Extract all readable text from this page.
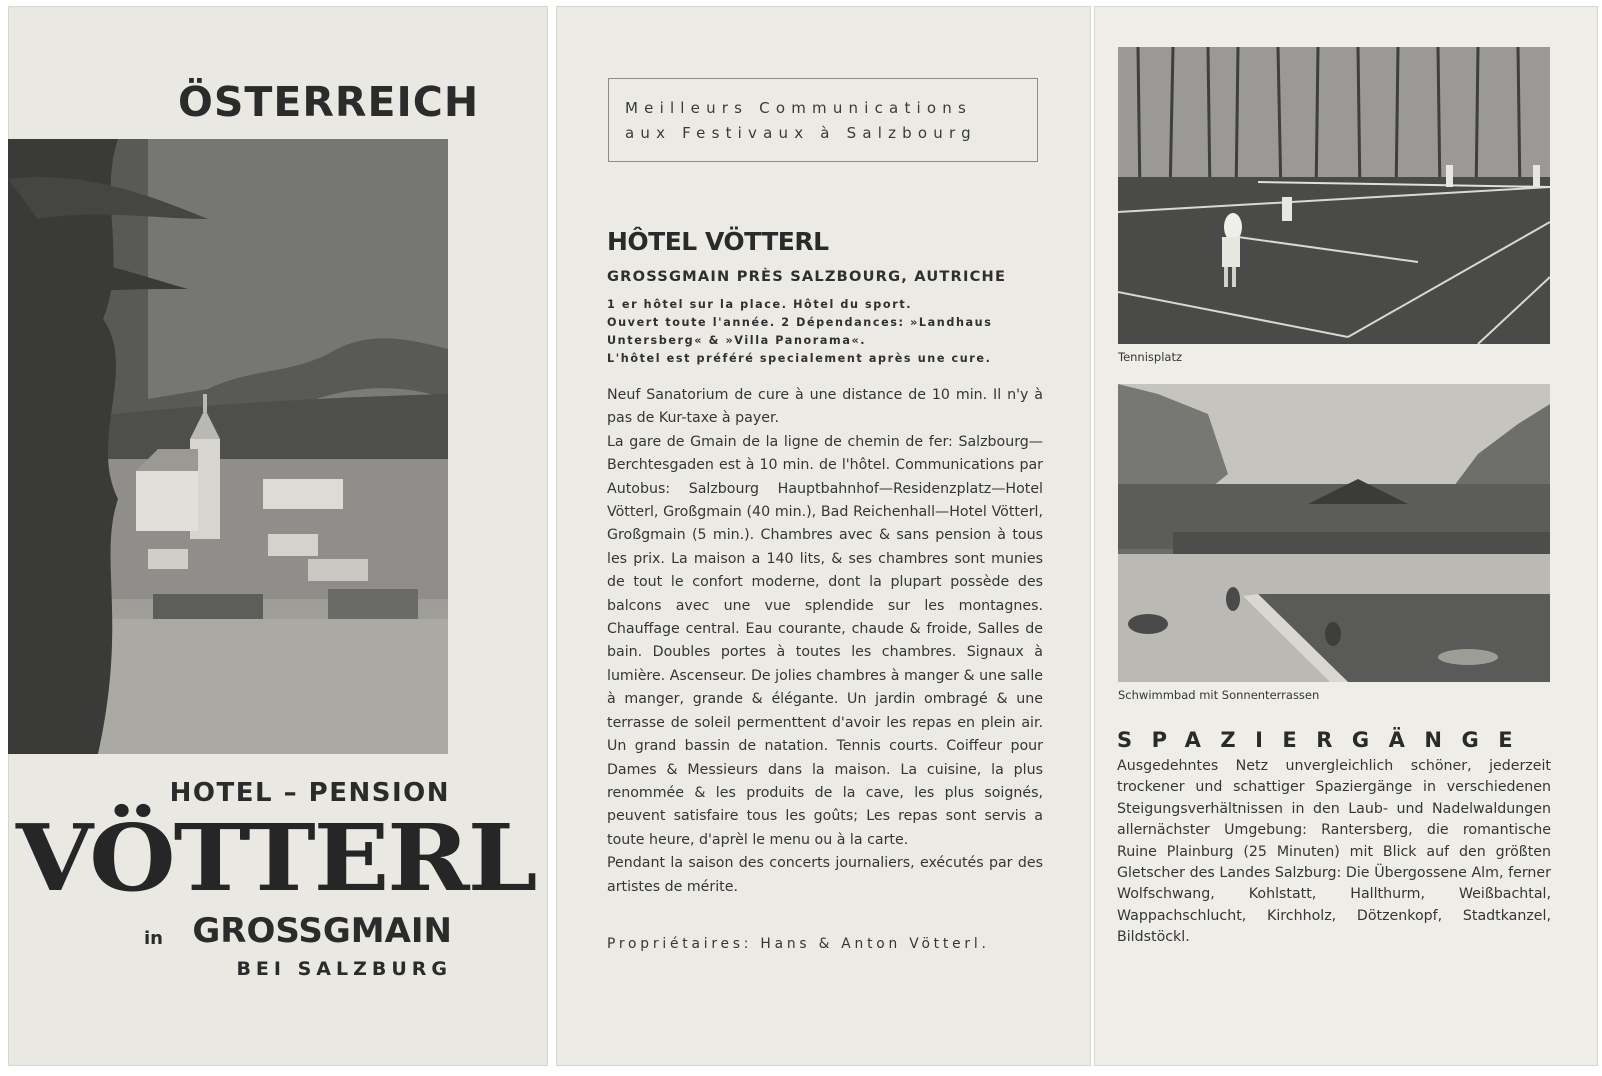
ÖSTERREICH
HOTEL – PENSION
VÖTTERL
in GROSSGMAIN
BEI SALZBURG
Meilleurs Communications
aux Festivaux à Salzbourg
HÔTEL VÖTTERL
GROSSGMAIN PRÈS SALZBOURG, AUTRICHE
1 er hôtel sur la place. Hôtel du sport.
Ouvert toute l'année. 2 Dépendances: »Landhaus
Untersberg« & »Villa Panorama«.
L'hôtel est préféré specialement après une cure.

Neuf Sanatorium de cure à une distance de 10 min. Il n'y à pas de Kur-taxe à payer.

La gare de Gmain de la ligne de chemin de fer: Salzbourg—Berchtesgaden est à 10 min. de l'hôtel. Communications par Autobus: Salzbourg Hauptbahnhof—Residenzplatz—Hotel Vötterl, Großgmain (40 min.), Bad Reichenhall—Hotel Vötterl, Großgmain (5 min.). Chambres avec & sans pension à tous les prix. La maison a 140 lits, & ses chambres sont munies de tout le confort moderne, dont la plupart possède des balcons avec une vue splendide sur les montagnes. Chauffage central. Eau courante, chaude & froide, Salles de bain. Doubles portes à toutes les chambres. Signaux à lumière. Ascenseur. De jolies chambres à manger & une salle à manger, grande & élégante. Un jardin ombragé & une terrasse de soleil permenttent d'avoir les repas en plein air. Un grand bassin de natation. Tennis courts. Coiffeur pour Dames & Messieurs dans la maison. La cuisine, la plus renommée & les produits de la cave, les plus soignés, peuvent satisfaire tous les goûts; Les repas sont servis a toute heure, d'aprèl le menu ou à la carte.

Pendant la saison des concerts journaliers, exécutés par des artistes de mérite.

Propriétaires: Hans & Anton Vötterl.
Tennisplatz
Schwimmbad mit Sonnenterrassen
SPAZIERGÄNGE
Ausgedehntes Netz unvergleichlich schöner, jederzeit trockener und schattiger Spaziergänge in verschiedenen Steigungsverhältnissen in den Laub- und Nadelwaldungen allernächster Umgebung: Rantersberg, die romantische Ruine Plainburg (25 Minuten) mit Blick auf den größten Gletscher des Landes Salzburg: Die Übergossene Alm, ferner Wolfschwang, Kohlstatt, Hallthurm, Weißbachtal, Wappachschlucht, Kirchholz, Dötzenkopf, Stadtkanzel, Bildstöckl.
